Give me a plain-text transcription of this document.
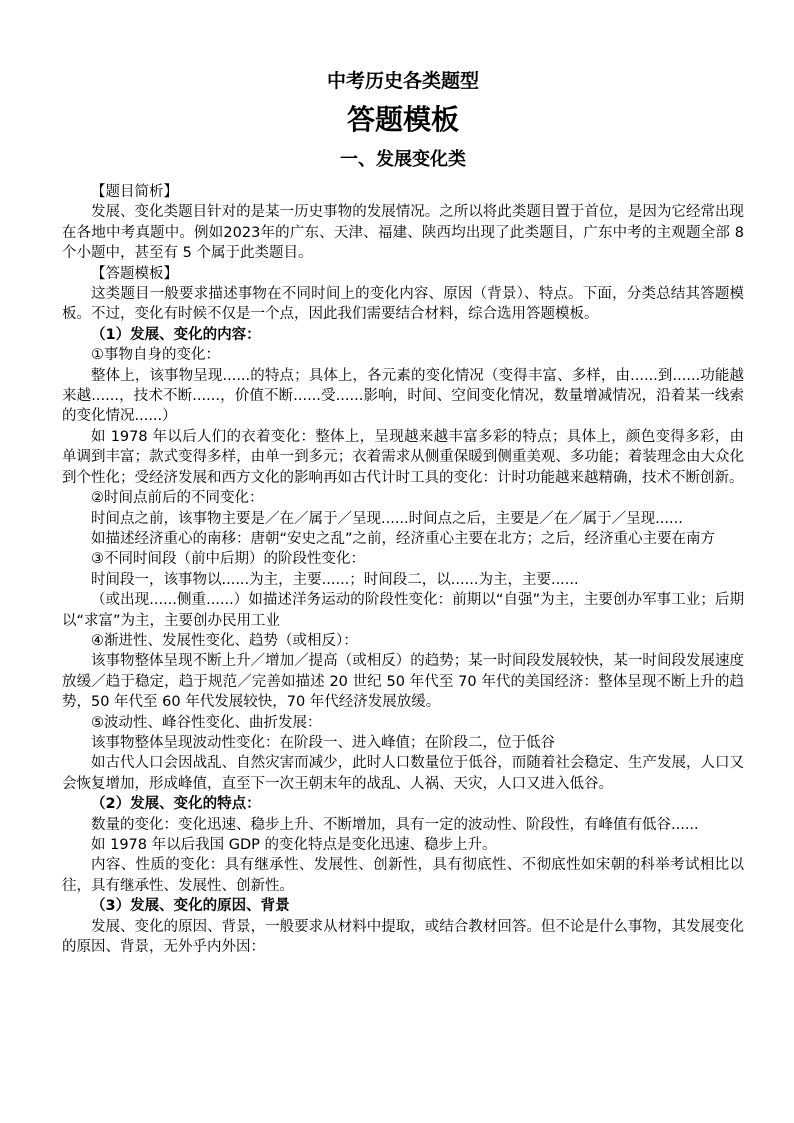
中考历史各类题型
答题模板
一、发展变化类

【题目简析】

发展、变化类题目针对的是某一历史事物的发展情况。之所以将此类题目置于首位，是因为它经常出现在各地中考真题中。例如2023年的广东、天津、福建、陕西均出现了此类题目，广东中考的主观题全部 8 个小题中，甚至有 5 个属于此类题目。

【答题模板】

这类题目一般要求描述事物在不同时间上的变化内容、原因（背景）、特点。下面，分类总结其答题模板。不过，变化有时候不仅是一个点，因此我们需要结合材料，综合选用答题模板。

（1）发展、变化的内容：

①事物自身的变化：

整体上，该事物呈现......的特点；具体上，各元素的变化情况（变得丰富、多样，由......到......功能越来越......，技术不断......，价值不断......受......影响，时间、空间变化情况，数量增减情况，沿着某一线索的变化情况......）

如 1978 年以后人们的衣着变化：整体上，呈现越来越丰富多彩的特点；具体上，颜色变得多彩，由单调到丰富；款式变得多样，由单一到多元；衣着需求从侧重保暖到侧重美观、多功能；着装理念由大众化到个性化；受经济发展和西方文化的影响再如古代计时工具的变化：计时功能越来越精确，技术不断创新。

②时间点前后的不同变化：

时间点之前，该事物主要是／在／属于／呈现......时间点之后，主要是／在／属于／呈现......

如描述经济重心的南移：唐朝“安史之乱”之前，经济重心主要在北方；之后，经济重心主要在南方

③不同时间段（前中后期）的阶段性变化：

时间段一，该事物以......为主，主要......；时间段二，以......为主，主要......

（或出现......侧重......）如描述洋务运动的阶段性变化：前期以“自强”为主，主要创办军事工业；后期以“求富”为主，主要创办民用工业

④渐进性、发展性变化、趋势（或相反）：

该事物整体呈现不断上升／增加／提高（或相反）的趋势；某一时间段发展较快，某一时间段发展速度放缓／趋于稳定，趋于规范／完善如描述 20 世纪 50 年代至 70 年代的美国经济：整体呈现不断上升的趋势，50 年代至 60 年代发展较快，70 年代经济发展放缓。

⑤波动性、峰谷性变化、曲折发展：

该事物整体呈现波动性变化：在阶段一、进入峰值；在阶段二，位于低谷

如古代人口会因战乱、自然灾害而减少，此时人口数量位于低谷，而随着社会稳定、生产发展，人口又会恢复增加，形成峰值，直至下一次王朝末年的战乱、人祸、天灾，人口又进入低谷。

（2）发展、变化的特点：

数量的变化：变化迅速、稳步上升、不断增加，具有一定的波动性、阶段性，有峰值有低谷......

如 1978 年以后我国 GDP 的变化特点是变化迅速、稳步上升。

内容、性质的变化：具有继承性、发展性、创新性，具有彻底性、不彻底性如宋朝的科举考试相比以往，具有继承性、发展性、创新性。

（3）发展、变化的原因、背景

发展、变化的原因、背景，一般要求从材料中提取，或结合教材回答。但不论是什么事物，其发展变化的原因、背景，无外乎内外因：
